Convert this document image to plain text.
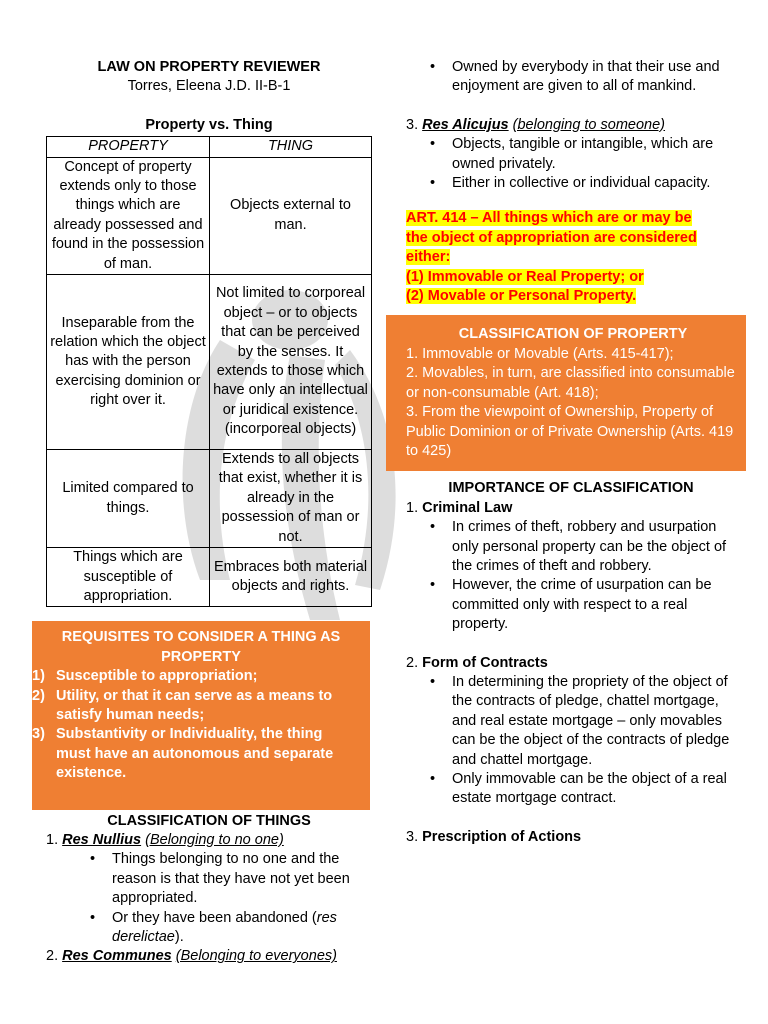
LAW ON PROPERTY REVIEWER
Torres, Eleena J.D. II-B-1
Property vs. Thing
PROPERTY	THING
Concept of property extends only to those things which are already possessed and found in the possession of man.	Objects external to man.
Inseparable from the relation which the object has with the person exercising dominion or right over it.	Not limited to corporeal object – or to objects that can be perceived by the senses. It extends to those which have only an intellectual or juridical existence. (incorporeal objects)
Limited compared to things.	Extends to all objects that exist, whether it is already in the possession of man or not.
Things which are susceptible of appropriation.	Embraces both material objects and rights.
REQUISITES TO CONSIDER A THING AS PROPERTY
1) Susceptible to appropriation;
2) Utility, or that it can serve as a means to satisfy human needs;
3) Substantivity or Individuality, the thing must have an autonomous and separate existence.
CLASSIFICATION OF THINGS
1. Res Nullius (Belonging to no one)
• Things belonging to no one and the reason is that they have not yet been appropriated.
• Or they have been abandoned (res derelictae).
2. Res Communes (Belonging to everyones)
• Owned by everybody in that their use and enjoyment are given to all of mankind.
3. Res Alicujus (belonging to someone)
• Objects, tangible or intangible, which are owned privately.
• Either in collective or individual capacity.
ART. 414 – All things which are or may be
the object of appropriation are considered
either:
(1) Immovable or Real Property; or
(2) Movable or Personal Property.
CLASSIFICATION OF PROPERTY
1. Immovable or Movable (Arts. 415-417);
2. Movables, in turn, are classified into consumable or non-consumable (Art. 418);
3. From the viewpoint of Ownership, Property of Public Dominion or of Private Ownership (Arts. 419 to 425)
IMPORTANCE OF CLASSIFICATION
1. Criminal Law
• In crimes of theft, robbery and usurpation only personal property can be the object of the crimes of theft and robbery.
• However, the crime of usurpation can be committed only with respect to a real property.
2. Form of Contracts
• In determining the propriety of the object of the contracts of pledge, chattel mortgage, and real estate mortgage – only movables can be the object of the contracts of pledge and chattel mortgage.
• Only immovable can be the object of a real estate mortgage contract.
3. Prescription of Actions
